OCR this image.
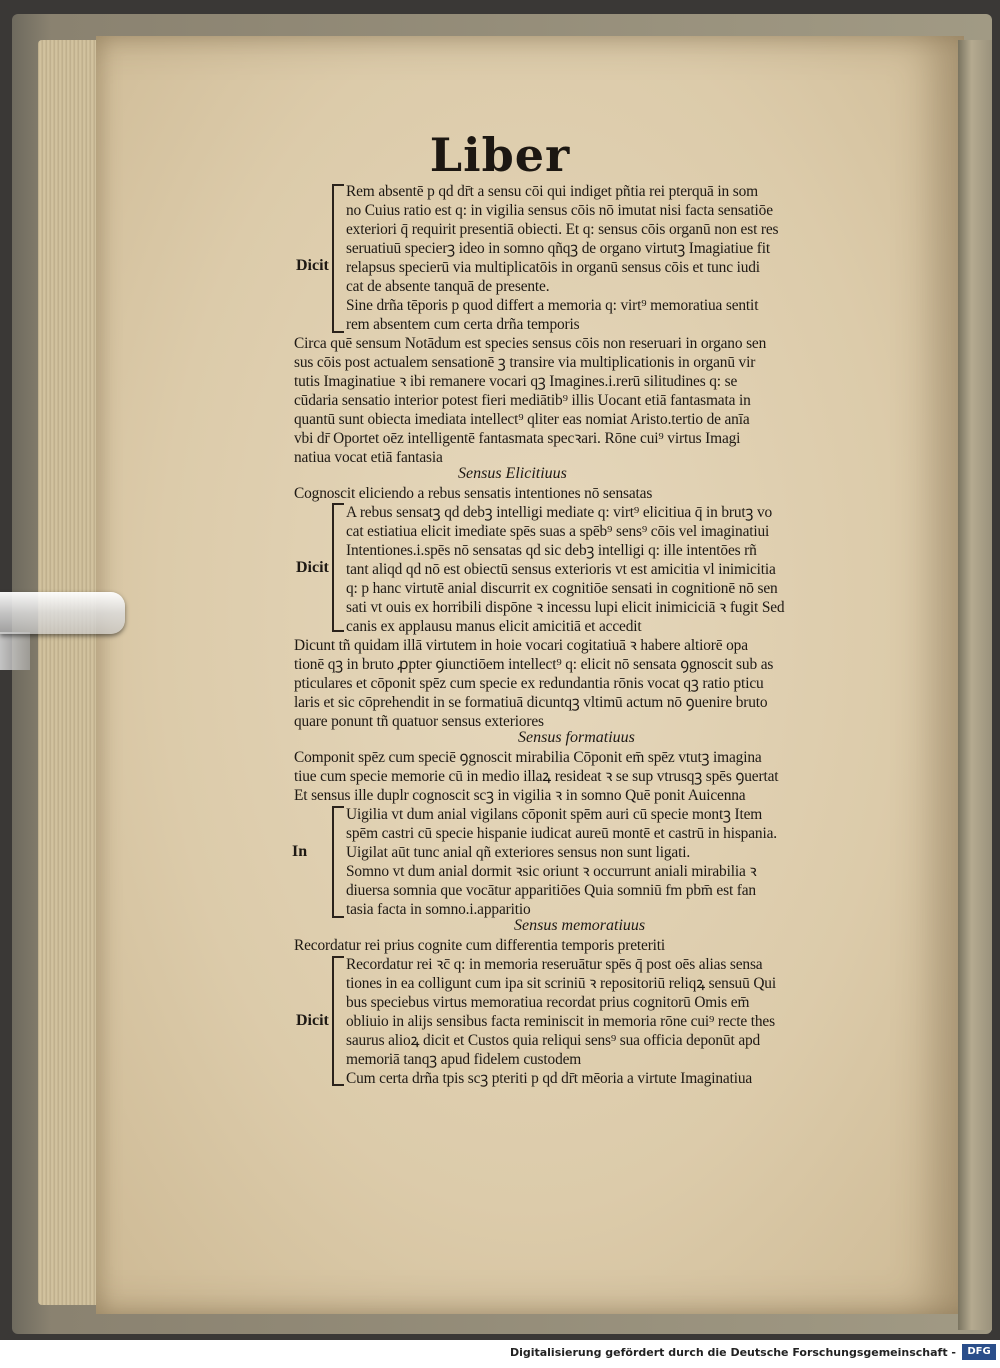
Liber
Dicit
Rem absentē p qd dr̄t a sensu cōi qui indiget pñtia rei pterquā in som
no Cuius ratio est q: in vigilia sensus cōis nō imutat nisi facta sensatiōe
exteriori q̄ requirit presentiā obiecti. Et q: sensus cōis organū non est res
seruatiuū specierꝫ ideo in somno qñqꝫ de organo virtutꝫ Imagiatiue fit
relapsus specierū via multiplicatōis in organū sensus cōis et tunc iudi
cat de absente tanquā de presente.
Sine drña tēporis p quod differt a memoria q: virt⁹ memoratiua sentit
rem absentem cum certa drña temporis
Circa quē sensum Notādum est species sensus cōis non reseruari in organo sen
sus cōis post actualem sensationē ꝫ transire via multiplicationis in organū vir
tutis Imaginatiue ꝛ ibi remanere vocari qꝫ Imagines.i.rerū silitudines q: se
cūdaria sensatio interior potest fieri mediātib⁹ illis Uocant etiā fantasmata in
quantū sunt obiecta imediata intellect⁹ qliter eas nomiat Aristo.tertio de anīa
vbi dr̄ Oportet oēz intelligentē fantasmata specꝛari. Rōne cui⁹ virtus Imagi
natiua vocat etiā fantasia
Sensus Elicitiuus
Cognoscit eliciendo a rebus sensatis intentiones nō sensatas
Dicit
A rebus sensatꝫ qd debꝫ intelligi mediate q: virt⁹ elicitiua q̄ in brutꝫ vo
cat estiatiua elicit imediate spēs suas a spēb⁹ sens⁹ cōis vel imaginatiui
Intentiones.i.spēs nō sensatas qd sic debꝫ intelligi q: ille intentōes rñ
tant aliqd qd nō est obiectū sensus exterioris vt est amicitia vl inimicitia
q: p hanc virtutē anial discurrit ex cognitiōe sensati in cognitionē nō sen
sati vt ouis ex horribili dispōne ꝛ incessu lupi elicit inimiciciā ꝛ fugit Sed
canis ex applausu manus elicit amicitiā et accedit
Dicunt tñ quidam illā virtutem in hoie vocari cogitatiuā ꝛ habere altiorē opa
tionē qꝫ in bruto ꝓpter ꝯiunctiōem intellect⁹ q: elicit nō sensata ꝯgnoscit sub as
pticulares et cōponit spēz cum specie ex redundantia rōnis vocat qꝫ ratio pticu
laris et sic cōprehendit in se formatiuā dicuntqꝫ vltimū actum nō ꝯuenire bruto
quare ponunt tñ quatuor sensus exteriores
Sensus formatiuus
Componit spēz cum speciē ꝯgnoscit mirabilia Cōponit em̄ spēz vtutꝫ imagina
tiue cum specie memorie cū in medio illaꝝ resideat ꝛ se sup vtrusqꝫ spēs ꝯuertat
Et sensus ille duplr cognoscit scꝫ in vigilia ꝛ in somno Quē ponit Auicenna
In
Uigilia vt dum anial vigilans cōponit spēm auri cū specie montꝫ Item
spēm castri cū specie hispanie iudicat aureū montē et castrū in hispania.
Uigilat aūt tunc anial qñ exteriores sensus non sunt ligati.
Somno vt dum anial dormit ꝛsic oriunt ꝛ occurrunt aniali mirabilia ꝛ
diuersa somnia que vocātur apparitiōes Quia somniū fm pbm̄ est fan
tasia facta in somno.i.apparitio
Sensus memoratiuus
Recordatur rei prius cognite cum differentia temporis preteriti
Dicit
Recordatur rei ꝛc̄ q: in memoria reseruātur spēs q̄ post oēs alias sensa
tiones in ea colligunt cum ipa sit scriniū ꝛ repositoriū reliqꝝ sensuū Qui
bus speciebus virtus memoratiua recordat prius cognitorū Omis em̄
obliuio in alijs sensibus facta reminiscit in memoria rōne cui⁹ recte thes
saurus alioꝝ dicit et Custos quia reliqui sens⁹ sua officia deponūt apd
memoriā tanqꝫ apud fidelem custodem
Cum certa drña tpis scꝫ pteriti p qd dr̄t mēoria a virtute Imaginatiua
Digitalisierung gefördert durch die Deutsche Forschungsgemeinschaft -	DFG
